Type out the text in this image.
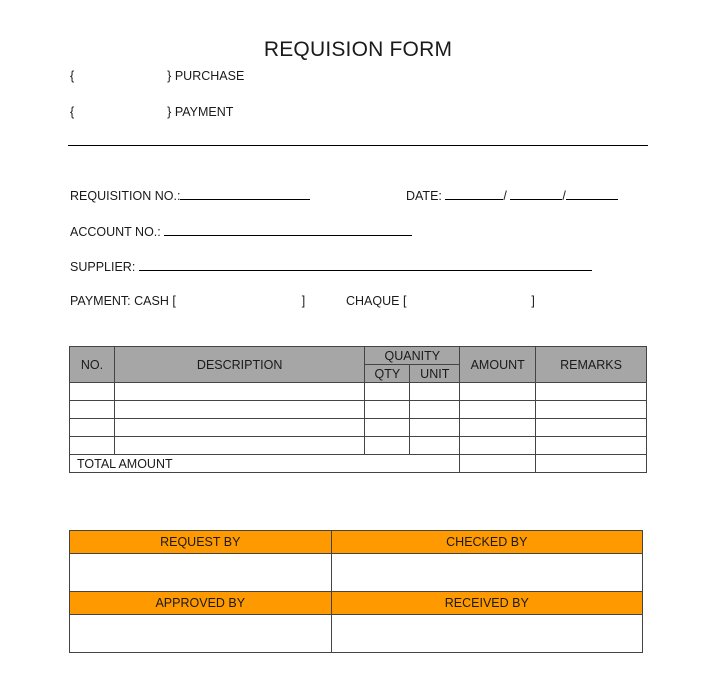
REQUISION FORM
{	} PURCHASE
{	} PAYMENT
REQUISITION NO.:	DATE:	/	/
ACCOUNT NO.:
SUPPLIER:
PAYMENT: CASH [	]	CHAQUE [	]
NO.	DESCRIPTION	QUANITY		AMOUNT	REMARKS
		QTY	UNIT		

TOTAL AMOUNT					
REQUEST BY	CHECKED BY

APPROVED BY	RECEIVED BY
